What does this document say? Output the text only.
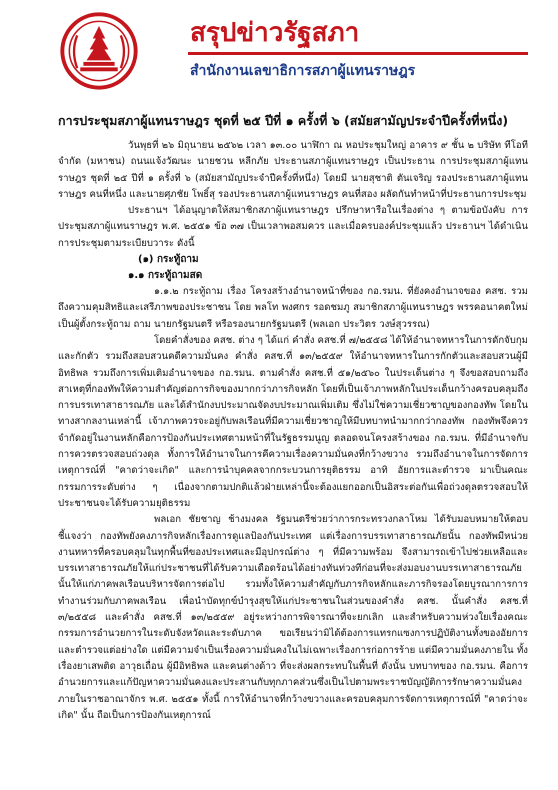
สรุปข่าวรัฐสภา
สำนักงานเลขาธิการสภาผู้แทนราษฎร
การประชุมสภาผู้แทนราษฎร ชุดที่ ๒๕ ปีที่ ๑ ครั้งที่ ๖ (สมัยสามัญประจำปีครั้งที่หนึ่ง)

วันพุธที่ ๒๖ มิถุนายน ๒๕๖๒ เวลา ๑๓.๐๐ นาฬิกา ณ หอประชุมใหญ่ อาคาร ๙ ชั้น ๒ บริษัท ทีโอที จำกัด (มหาชน) ถนนแจ้งวัฒนะ นายชวน หลีกภัย ประธานสภาผู้แทนราษฎร เป็นประธาน การประชุมสภาผู้แทนราษฎร ชุดที่ ๒๕ ปีที่ ๑ ครั้งที่ ๖ (สมัยสามัญประจำปีครั้งที่หนึ่ง) โดยมี นายสุชาติ ตันเจริญ รองประธานสภาผู้แทนราษฎร คนที่หนึ่ง และนายศุภชัย โพธิ์สุ รองประธานสภาผู้แทนราษฎร คนที่สอง ผลัดกันทำหน้าที่ประธานการประชุม

ประธานฯ ได้อนุญาตให้สมาชิกสภาผู้แทนราษฎร ปรึกษาหารือในเรื่องต่าง ๆ ตามข้อบังคับ การประชุมสภาผู้แทนราษฎร พ.ศ. ๒๕๕๑ ข้อ ๓๗ เป็นเวลาพอสมควร และเมื่อครบองค์ประชุมแล้ว ประธานฯ ได้ดำเนินการประชุมตามระเบียบวาระ ดังนี้

(๑) กระทู้ถาม
๑.๑ กระทู้ถามสด

๑.๑.๒ กระทู้ถาม เรื่อง โครงสร้างอำนาจหน้าที่ของ กอ.รมน. ที่ยังคงอำนาจของ คสช. รวมถึงความคุมสิทธิและเสรีภาพของประชาชน โดย พลโท พงศกร รอดชมภู สมาชิกสภาผู้แทนราษฎร พรรคอนาคตใหม่ เป็นผู้ตั้งกระทู้ถาม ถาม นายกรัฐมนตรี หรือรองนายกรัฐมนตรี (พลเอก ประวิตร วงษ์สุวรรณ)

โดยคำสั่งของ คสช. ต่าง ๆ ได้แก่ คำสั่ง คสช.ที่ ๗/๒๕๕๘ ได้ให้อำนาจทหารในการดักจับกุม และกักตัว รวมถึงสอบสวนคดีความมั่นคง คำสั่ง คสช.ที่ ๑๓/๒๕๕๙ ให้อำนาจทหารในการกักตัวและสอบสวนผู้มีอิทธิพล รวมถึงการเพิ่มเติมอำนาจของ กอ.รมน. ตามคำสั่ง คสช.ที่ ๕๑/๒๕๖๐ ในประเด็นต่าง ๆ จึงขอสอบถามถึงสาเหตุที่กองทัพให้ความสำคัญต่อการกิจของมากกว่าภารกิจหลัก โดยที่เป็นเจ้าภาพหลักในประเด็นกว้างครอบคลุมถึงการบรรเทาสาธารณภัย และได้สำนักงบประมาณจัดงบประมาณเพิ่มเติม ซึ่งไม่ใช่ความเชี่ยวชาญของกองทัพ โดยในทางสากลงานเหล่านี้ เจ้าภาพควรจะอยู่กับพลเรือนที่มีความเชี่ยวชาญให้มีบทบาทนำมากกว่ากองทัพ กองทัพจึงควรจำกัดอยู่ในงานหลักคือการป้องกันประเทศตามหน้าที่ในรัฐธรรมนูญ ตลอดจนโครงสร้างของ กอ.รมน. ที่มีอำนาจกับการควรตรวจสอบถ่วงดุล ทั้งการให้อำนาจในการคีความเรื่องความมั่นคงที่กว้างขวาง รวมถึงอำนาจในการจัดการเหตุการณ์ที่ "คาดว่าจะเกิด" และการนำบุคคลจากกระบวนการยุติธรรม อาทิ อัยการและตำรวจ มาเป็นคณะกรรมการระดับต่าง ๆ เนื่องจากตามปกติแล้วฝ่ายเหล่านี้จะต้องแยกออกเป็นอิสระต่อกันเพื่อถ่วงดุลตรวจสอบให้ประชาชนจะได้รับความยุติธรรม

พลเอก ชัยชาญ ช้างมงคล รัฐมนตรีช่วยว่าการกระทรวงกลาโหม ได้รับมอบหมายให้ตอบชี้แจงว่า กองทัพยังคงภารกิจหลักเรื่องการดูแลป้องกันประเทศ แต่เรื่องการบรรเทาสาธารณภัยนั้น กองทัพมีหน่วยงานทหารที่ครอบคลุมในทุกพื้นที่ของประเทศและมีอุปกรณ์ต่าง ๆ ที่มีความพร้อม จึงสามารถเข้าไปช่วยเหลือและบรรเทาสาธารณภัยให้แก่ประชาชนที่ได้รับความเดือดร้อนได้อย่างทันท่วงทีก่อนที่จะส่งมอบงานบรรเทาสาธารณภัยนั้นให้แก่ภาคพลเรือนบริหารจัดการต่อไป รวมทั้งให้ความสำคัญกับภารกิจหลักและภารกิจรองโดยบูรณาการการทำงานร่วมกับภาคพลเรือน เพื่อนำบัดทุกข์บำรุงสุขให้แก่ประชาชนในส่วนของคำสั่ง คสช. นั้นคำสั่ง คสช.ที่ ๓/๒๕๕๘ และคำสั่ง คสช.ที่ ๑๓/๒๕๕๙ อยู่ระหว่างการพิจารณาที่จะยกเลิก และสำหรับความห่วงใยเรื่องคณะกรรมการอำนวยการในระดับจังหวัดและระดับภาค ขอเรียนว่ามิได้ต้องการแทรกแซงการปฏิบัติงานทั้งของอัยการและตำรวจแต่อย่างใด แต่มีความจำเป็นเรื่องความมั่นคงในไม่เฉพาะเรื่องการก่อการร้าย แต่มีความมั่นคงภายใน ทั้งเรื่องยาเสพติด อาวุธเถื่อน ผู้มีอิทธิพล และคนต่างด้าว ที่จะส่งผลกระทบในพื้นที่ ดังนั้น บทบาทของ กอ.รมน. คือการอำนวยการและแก้ปัญหาความมั่นคงและประสานกับทุกภาคส่วนซึ่งเป็นไปตามพระราชบัญญัติการรักษาความมั่นคงภายในราชอาณาจักร พ.ศ. ๒๕๕๑ ทั้งนี้ การให้อำนาจที่กว้างขวางและครอบคลุมการจัดการเหตุการณ์ที่ "คาดว่าจะเกิด" นั้น ถือเป็นการป้องกันเหตุการณ์
